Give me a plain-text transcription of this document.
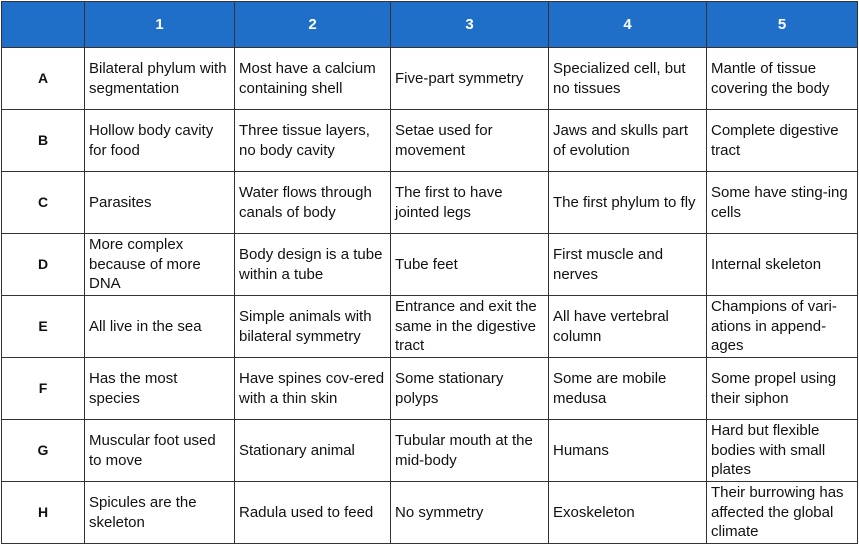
	1	2	3	4	5
A	Bilateral phylum with segmentation	Most have a calcium containing shell	Five-part symmetry	Specialized cell, but no tissues	Mantle of tissue covering the body
B	Hollow body cavity for food	Three tissue layers, no body cavity	Setae used for movement	Jaws and skulls part of evolution	Complete digestive tract
C	Parasites	Water flows through canals of body	The first to have jointed legs	The first phylum to fly	Some have sting-ing cells
D	More complex because of more DNA	Body design is a tube within a tube	Tube feet	First muscle and nerves	Internal skeleton
E	All live in the sea	Simple animals with bilateral symmetry	Entrance and exit the same in the digestive tract	All have vertebral column	Champions of vari-ations in append-ages
F	Has the most species	Have spines cov-ered with a thin skin	Some stationary polyps	Some are mobile medusa	Some propel using their siphon
G	Muscular foot used to move	Stationary animal	Tubular mouth at the mid-body	Humans	Hard but flexible bodies with small plates
H	Spicules are the skeleton	Radula used to feed	No symmetry	Exoskeleton	Their burrowing has affected the global climate
